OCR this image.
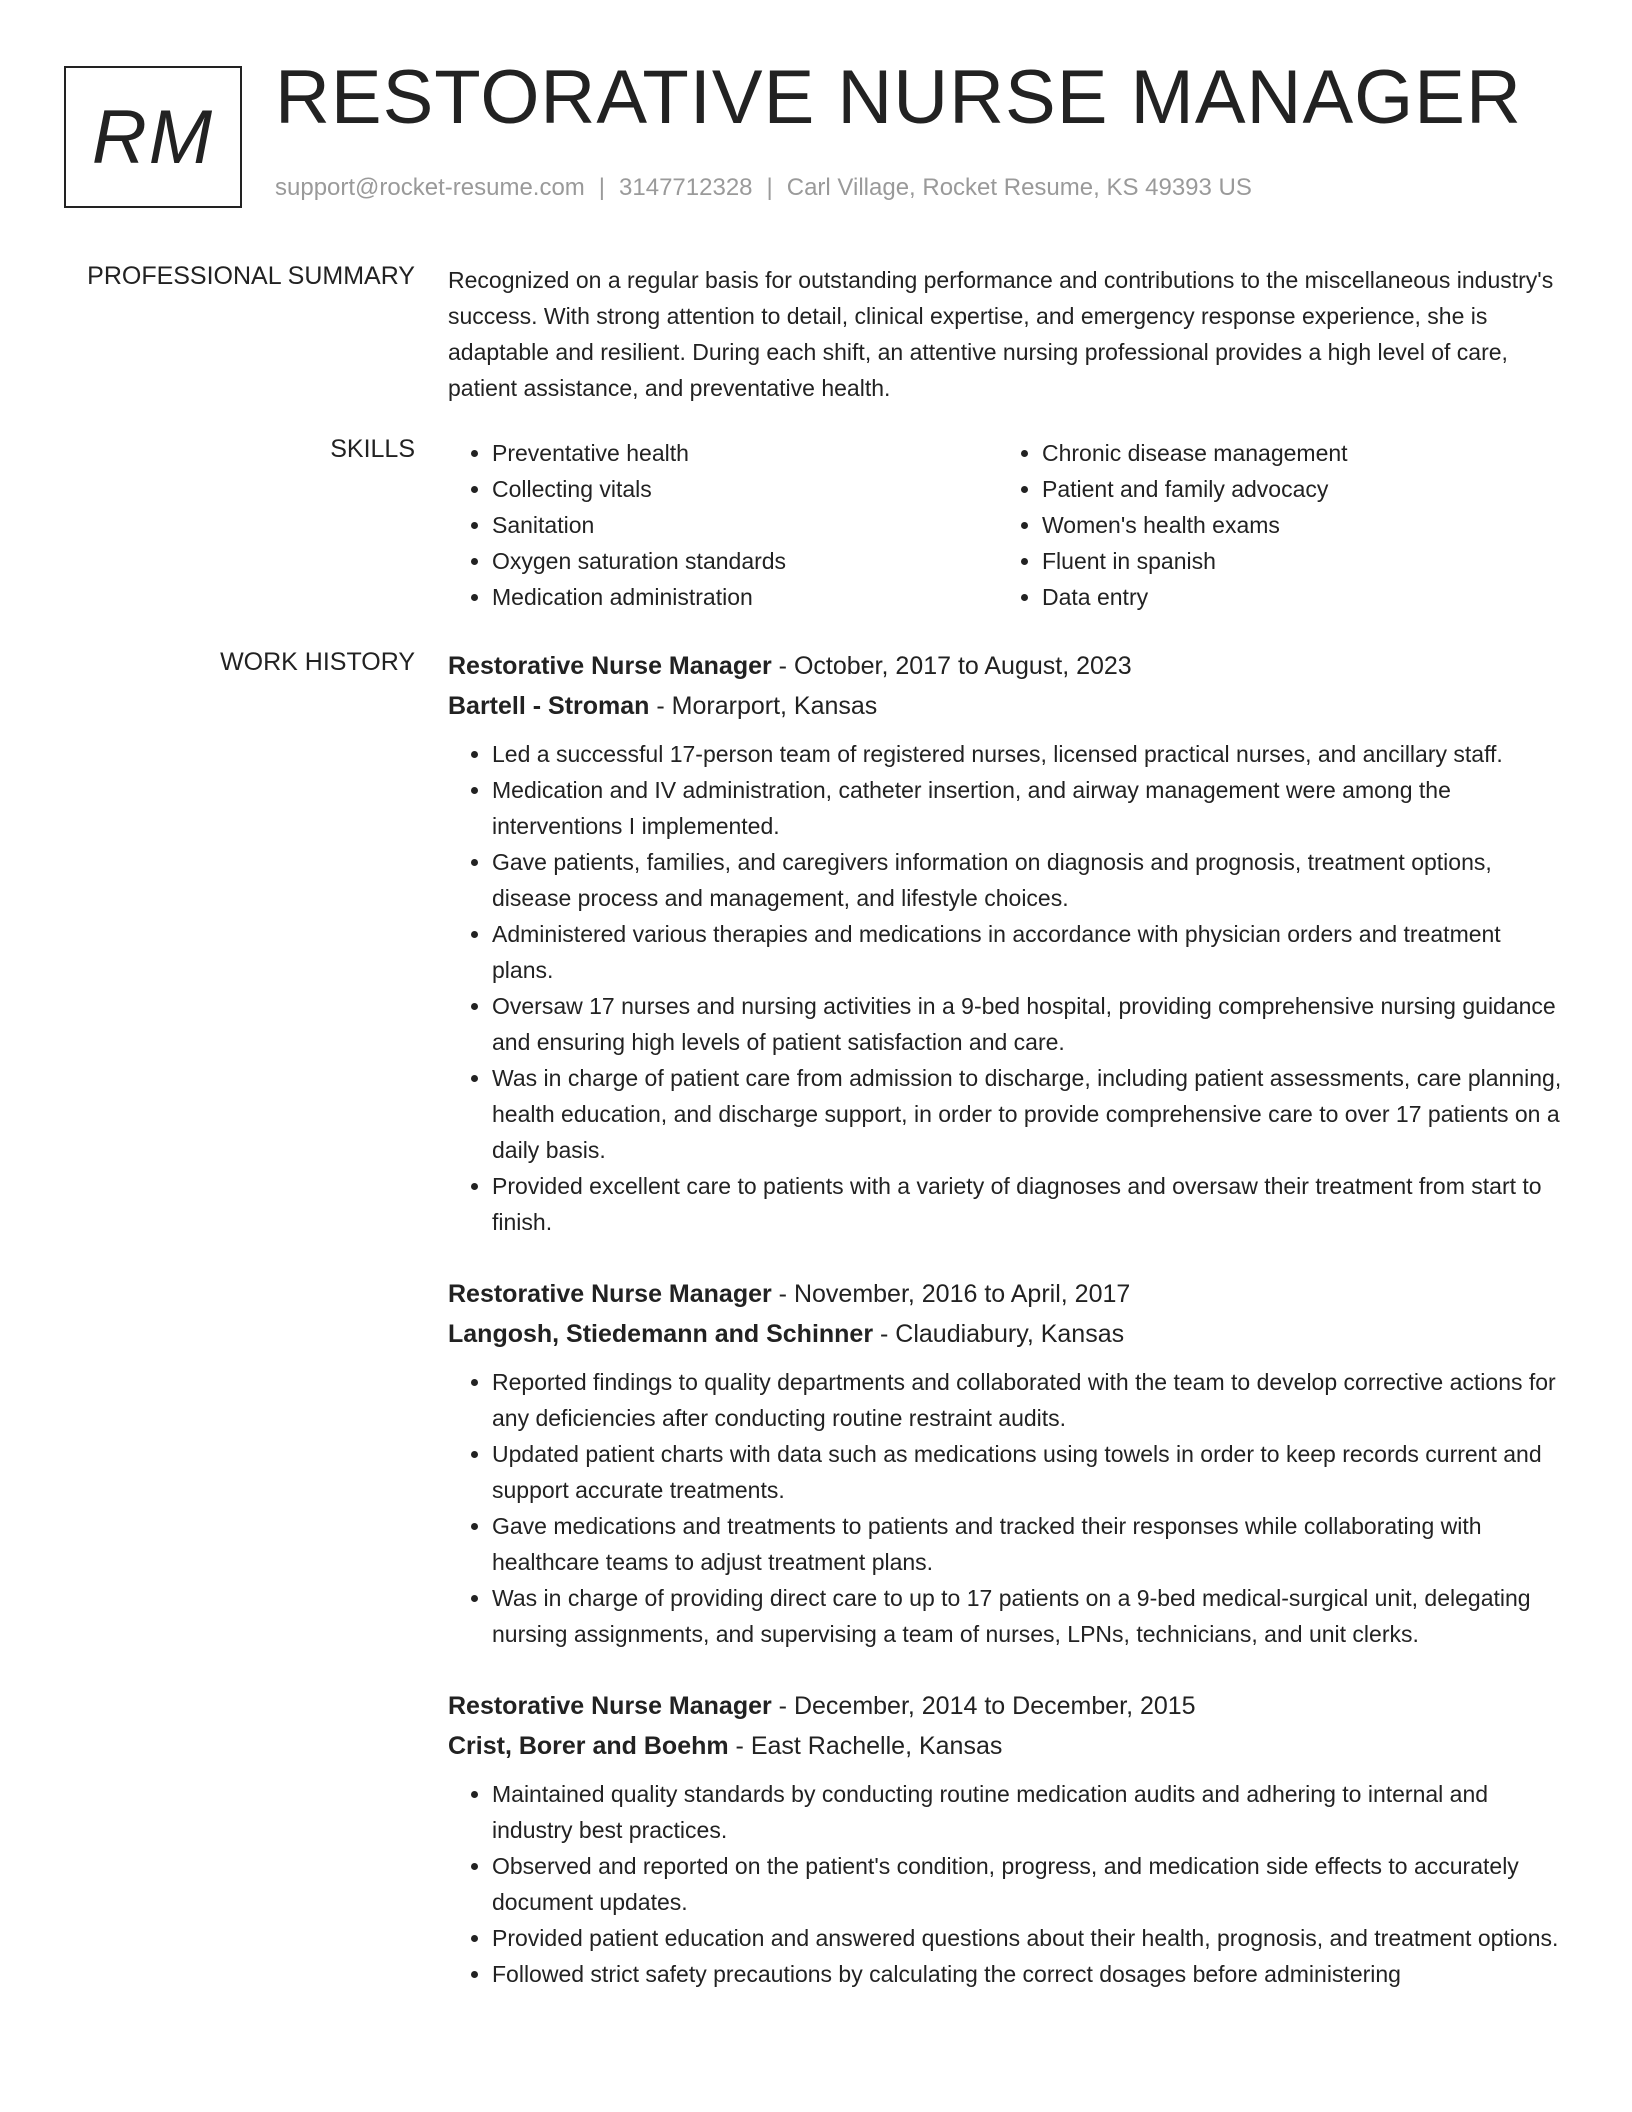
RM RESTORATIVE NURSE MANAGER
support@rocket-resume.com | 3147712328 | Carl Village, Rocket Resume, KS 49393 US
PROFESSIONAL SUMMARY Recognized on a regular basis for outstanding performance and contributions to the miscellaneous industry's success. With strong attention to detail, clinical expertise, and emergency response experience, she is adaptable and resilient. During each shift, an attentive nursing professional provides a high level of care, patient assistance, and preventative health.

SKILLS
•	Preventative health
• Collecting vitals
• Sanitation
• Oxygen saturation standards
• Medication administration
• Chronic disease management
• Patient and family advocacy
• Women's health exams
• Fluent in spanish
• Data entry
WORK HISTORY Restorative Nurse Manager - October, 2017 to August, 2023
Bartell - Stroman - Morarport, Kansas
• Led a successful 17-person team of registered nurses, licensed practical nurses, and ancillary staff.
• Medication and IV administration, catheter insertion, and airway management were among the interventions I implemented.
• Gave patients, families, and caregivers information on diagnosis and prognosis, treatment options, disease process and management, and lifestyle choices.
• Administered various therapies and medications in accordance with physician orders and treatment plans.
• Oversaw 17 nurses and nursing activities in a 9-bed hospital, providing comprehensive nursing guidance and ensuring high levels of patient satisfaction and care.
• Was in charge of patient care from admission to discharge, including patient assessments, care planning, health education, and discharge support, in order to provide comprehensive care to over 17 patients on a daily basis.
• Provided excellent care to patients with a variety of diagnoses and oversaw their treatment from start to finish.
Restorative Nurse Manager - November, 2016 to April, 2017
Langosh, Stiedemann and Schinner - Claudiabury, Kansas
• Reported findings to quality departments and collaborated with the team to develop corrective actions for any deficiencies after conducting routine restraint audits.
• Updated patient charts with data such as medications using towels in order to keep records current and support accurate treatments.
• Gave medications and treatments to patients and tracked their responses while collaborating with healthcare teams to adjust treatment plans.
• Was in charge of providing direct care to up to 17 patients on a 9-bed medical-surgical unit, delegating nursing assignments, and supervising a team of nurses, LPNs, technicians, and unit clerks.
Restorative Nurse Manager - December, 2014 to December, 2015
Crist, Borer and Boehm - East Rachelle, Kansas
• Maintained quality standards by conducting routine medication audits and adhering to internal and industry best practices.
• Observed and reported on the patient's condition, progress, and medication side effects to accurately document updates.
• Provided patient education and answered questions about their health, prognosis, and treatment options.
• Followed strict safety precautions by calculating the correct dosages before administering
